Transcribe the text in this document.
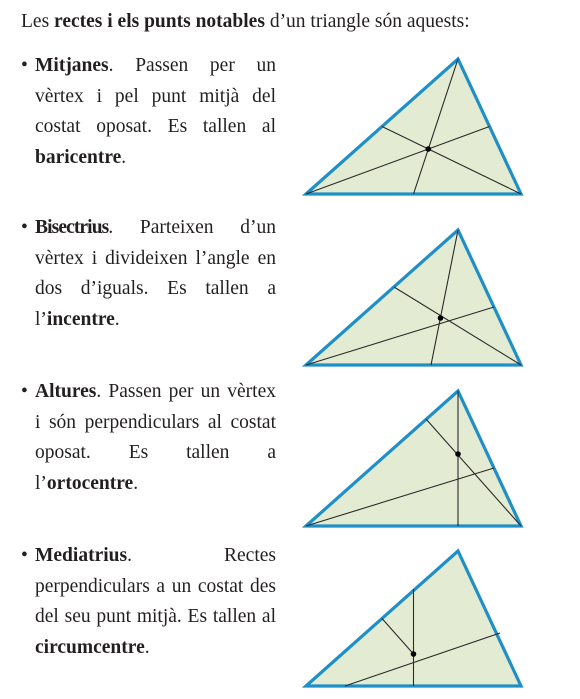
Les rectes i els punts notables d’un triangle són aquests:
• Mitjanes. Passen per un vèrtex i pel punt mitjà del costat oposat. Es tallen al baricentre.
• Bisectrius. Parteixen d’un vèrtex i divideixen l’angle en dos d’iguals. Es tallen a l’incentre.
• Altures. Passen per un vèrtex i són perpendiculars al costat oposat. Es tallen a l’ortocentre.
• Mediatrius. Rectes perpendiculars a un costat des del seu punt mitjà. Es tallen al circumcentre.
